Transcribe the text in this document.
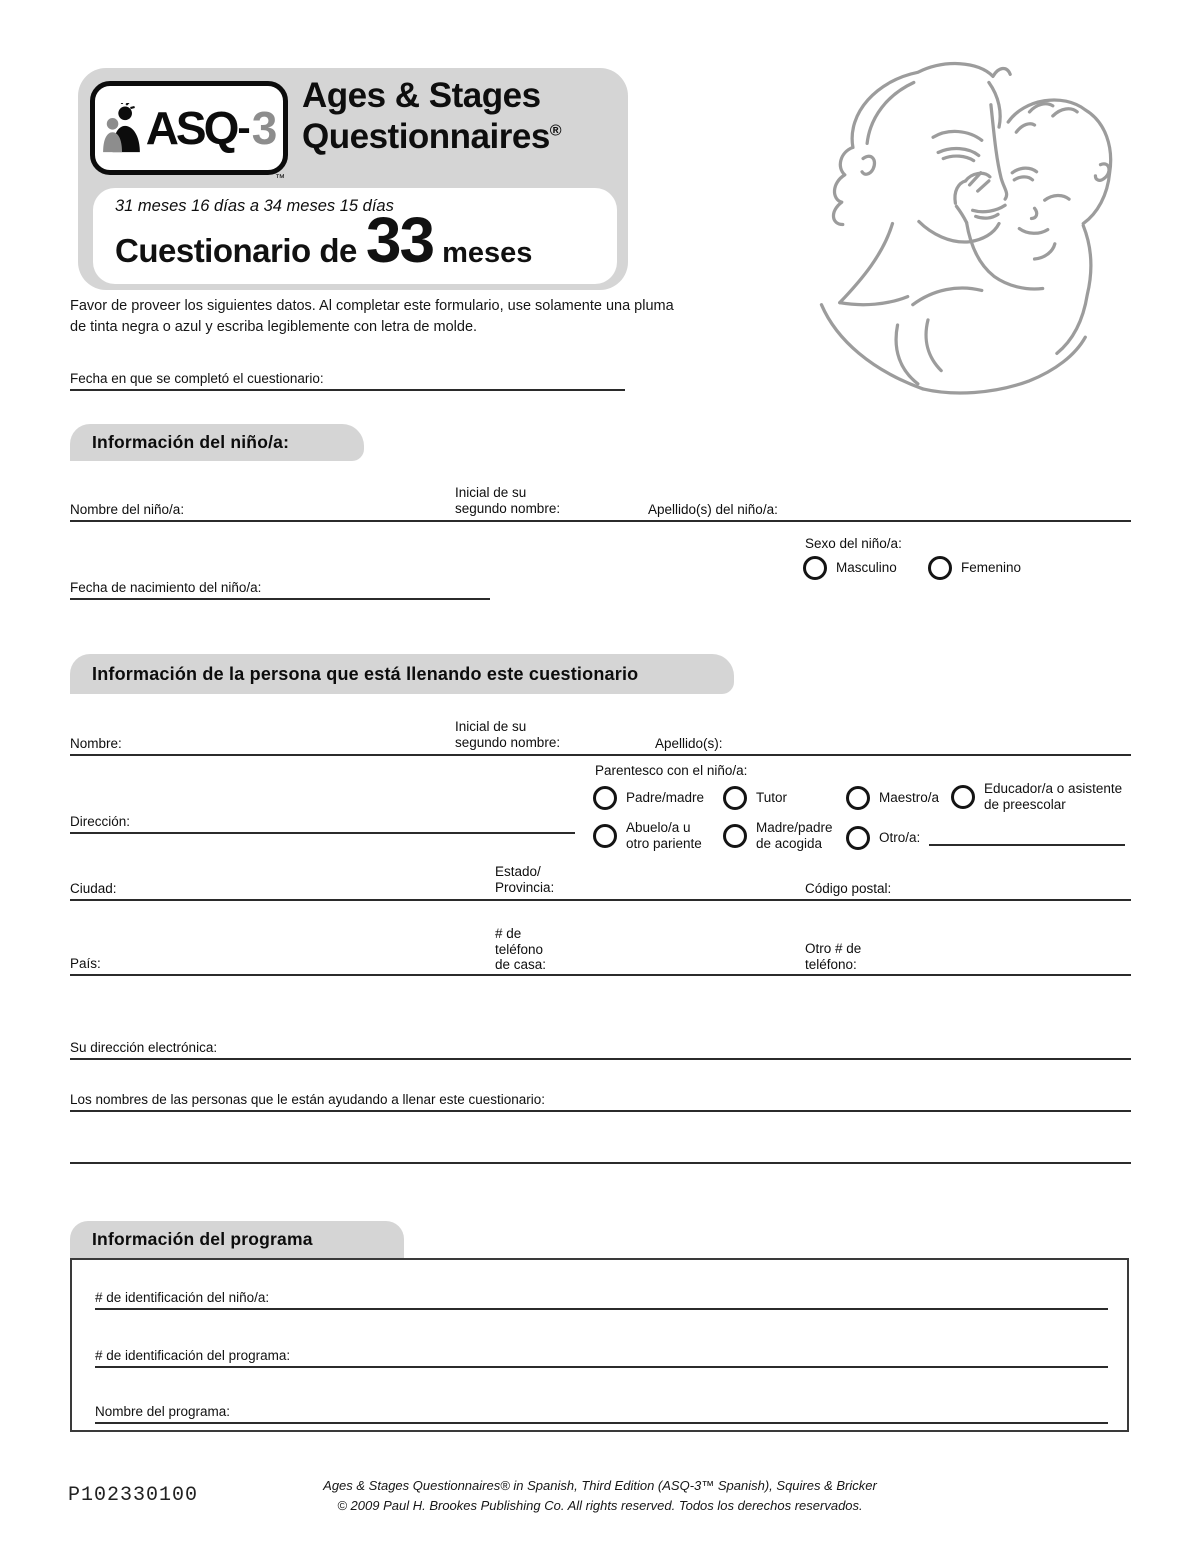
ASQ - 3
™
Ages & Stages
Questionnaires®
31 meses 16 días a 34 meses 15 días
Cuestionario de 33 meses
Favor de proveer los siguientes datos. Al completar este formulario, use solamente una pluma de tinta negra o azul y escriba legiblemente con letra de molde.
Fecha en que se completó el cuestionario:
Información del niño/a:
Nombre del niño/a:
Inicial de su
segundo nombre:	Apellido(s) del niño/a:
Sexo del niño/a:
Masculino	Femenino
Fecha de nacimiento del niño/a:
Información de la persona que está llenando este cuestionario
Nombre:
Inicial de su
segundo nombre:	Apellido(s):
Parentesco con el niño/a:
Padre/madre	Tutor	Maestro/a
Educador/a o asistente
de preescolar
Abuelo/a u
otro pariente
Madre/padre
de acogida	Otro/a:
Dirección:
Ciudad:
Estado/
Provincia:	Código postal:
País:
# de
teléfono
de casa:
Otro # de
teléfono:
Su dirección electrónica:
Los nombres de las personas que le están ayudando a llenar este cuestionario:
Información del programa
# de identificación del niño/a:
# de identificación del programa:
Nombre del programa:
P102330100	Ages & Stages Questionnaires® in Spanish, Third Edition (ASQ-3™ Spanish), Squires & Bricker
© 2009 Paul H. Brookes Publishing Co. All rights reserved. Todos los derechos reservados.
